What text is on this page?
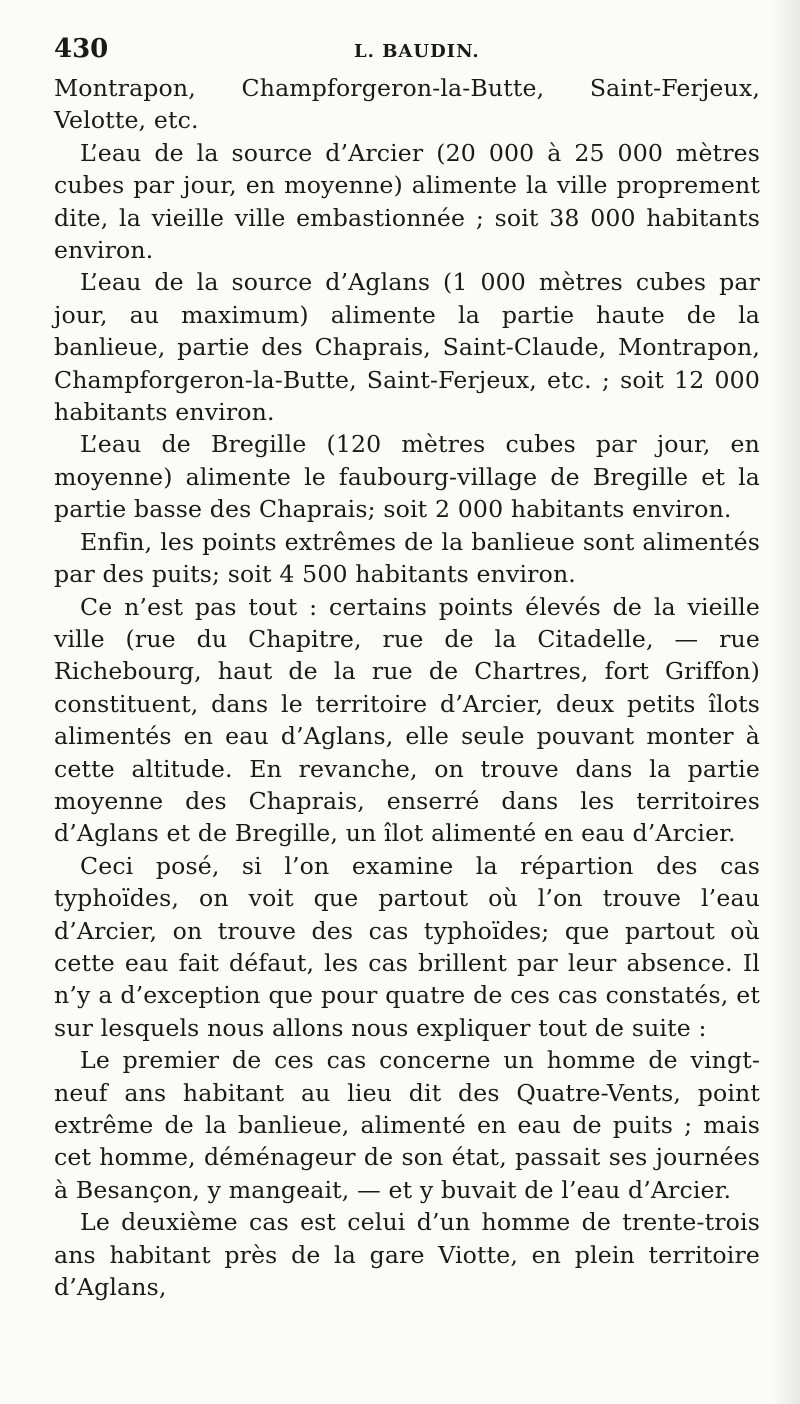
430	L. BAUDIN.

Montrapon, Champforgeron-la-Butte, Saint-Ferjeux, Velotte, etc.

L’eau de la source d’Arcier (20 000 à 25 000 mètres cubes par jour, en moyenne) alimente la ville proprement dite, la vieille ville embastionnée ; soit 38 000 habitants environ.

L’eau de la source d’Aglans (1 000 mètres cubes par jour, au maximum) alimente la partie haute de la banlieue, partie des Chaprais, Saint-Claude, Montrapon, Champforgeron-la-Butte, Saint-Ferjeux, etc. ; soit 12 000 habitants environ.

L’eau de Bregille (120 mètres cubes par jour, en moyenne) alimente le faubourg-village de Bregille et la partie basse des Chaprais; soit 2 000 habitants environ.

Enfin, les points extrêmes de la banlieue sont alimentés par des puits; soit 4 500 habitants environ.

Ce n’est pas tout : certains points élevés de la vieille ville (rue du Chapitre, rue de la Citadelle, — rue Richebourg, haut de la rue de Chartres, fort Griffon) constituent, dans le territoire d’Arcier, deux petits îlots alimentés en eau d’Aglans, elle seule pouvant monter à cette altitude. En revanche, on trouve dans la partie moyenne des Chaprais, enserré dans les territoires d’Aglans et de Bregille, un îlot alimenté en eau d’Arcier.

Ceci posé, si l’on examine la répartion des cas typhoïdes, on voit que partout où l’on trouve l’eau d’Arcier, on trouve des cas typhoïdes; que partout où cette eau fait défaut, les cas brillent par leur absence. Il n’y a d’exception que pour quatre de ces cas constatés, et sur lesquels nous allons nous expliquer tout de suite :

Le premier de ces cas concerne un homme de vingt-neuf ans habitant au lieu dit des Quatre-Vents, point extrême de la banlieue, alimenté en eau de puits ; mais cet homme, déménageur de son état, passait ses journées à Besançon, y mangeait, — et y buvait de l’eau d’Arcier.

Le deuxième cas est celui d’un homme de trente-trois ans habitant près de la gare Viotte, en plein territoire d’Aglans,
